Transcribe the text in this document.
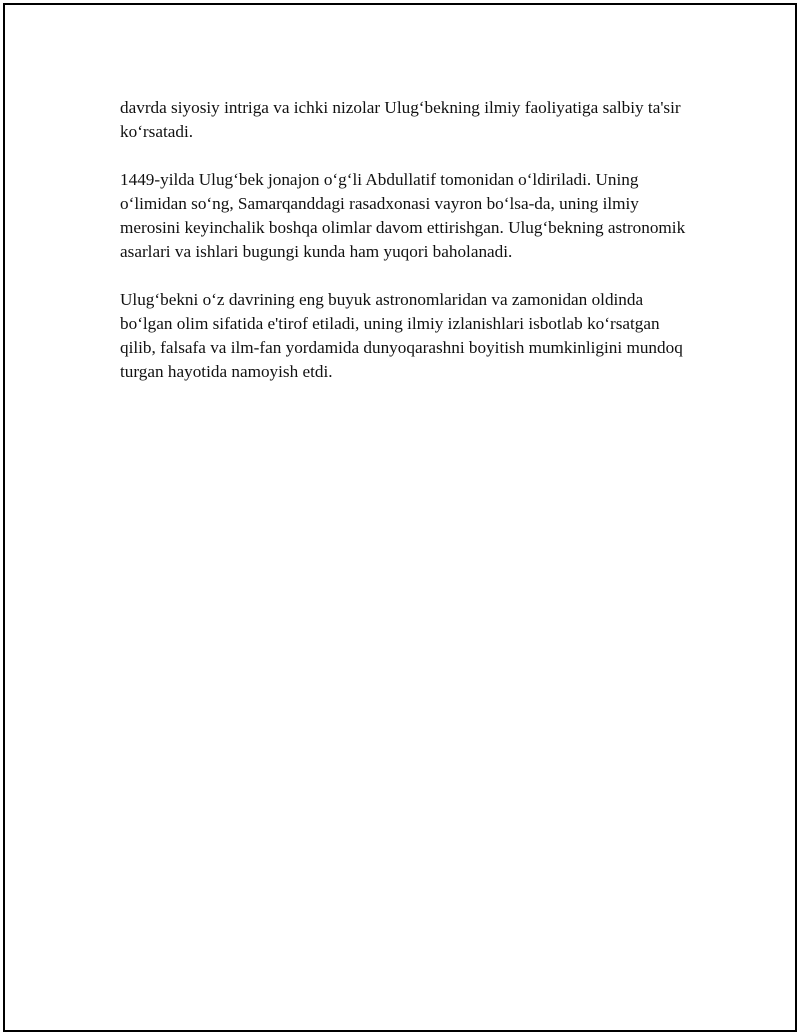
davrda siyosiy intriga va ichki nizolar Ulug‘bekning ilmiy faoliyatiga salbiy ta'sir ko‘rsatadi.

1449-yilda Ulug‘bek jonajon o‘g‘li Abdullatif tomonidan o‘ldiriladi. Uning o‘limidan so‘ng, Samarqanddagi rasadxonasi vayron bo‘lsa-da, uning ilmiy merosini keyinchalik boshqa olimlar davom ettirishgan. Ulug‘bekning astronomik asarlari va ishlari bugungi kunda ham yuqori baholanadi.

Ulug‘bekni o‘z davrining eng buyuk astronomlaridan va zamonidan oldinda bo‘lgan olim sifatida e'tirof etiladi, uning ilmiy izlanishlari isbotlab ko‘rsatgan qilib, falsafa va ilm-fan yordamida dunyoqarashni boyitish mumkinligini mundoq turgan hayotida namoyish etdi.
